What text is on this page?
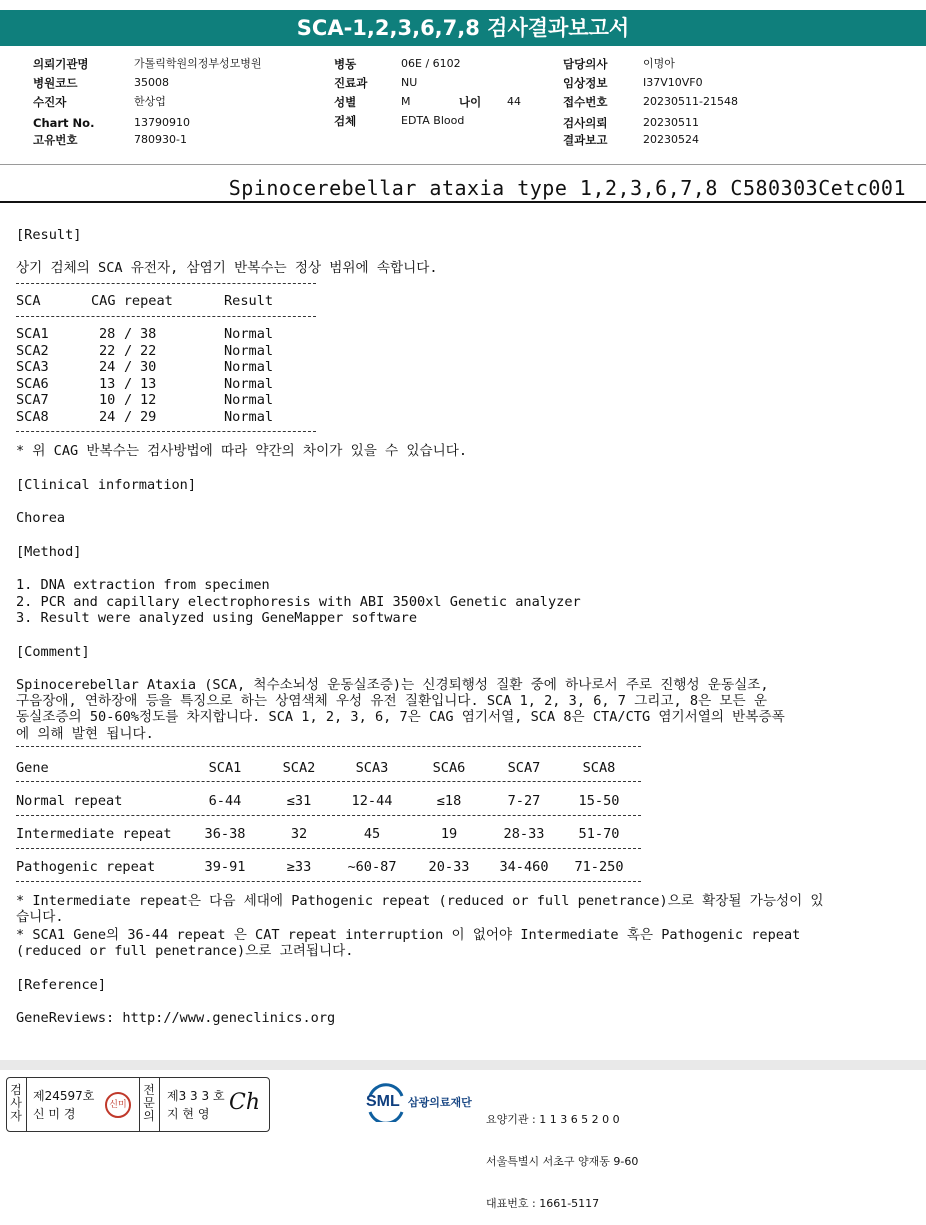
SCA-1,2,3,6,7,8 검사결과보고서
의뢰기관명	가톨릭학원의정부성모병원
병원코드	35008
수진자	한상업
Chart No.	13790910
고유번호	780930-1
병동	06E / 6102
진료과	NU
성별	M	나이 44
검체	EDTA Blood
담당의사	이명아
임상정보	I37V10VF0
접수번호	20230511-21548
검사의뢰	20230511
결과보고	20230524
Spinocerebellar ataxia type 1,2,3,6,7,8 C580303Cetc001
[Result]
상기 검체의 SCA 유전자, 삼염기 반복수는 정상 범위에 속합니다.
SCA	CAG repeat	Result
SCA1	28 / 38	Normal
SCA2	22 / 22	Normal
SCA3	24 / 30	Normal
SCA6	13 / 13	Normal
SCA7	10 / 12	Normal
SCA8	24 / 29	Normal
* 위 CAG 반복수는 검사방법에 따라 약간의 차이가 있을 수 있습니다.
[Clinical information]
Chorea
[Method]
1. DNA extraction from specimen
2. PCR and capillary electrophoresis with ABI 3500xl Genetic analyzer
3. Result were analyzed using GeneMapper software
[Comment]
Spinocerebellar Ataxia (SCA, 척수소뇌성 운동실조증)는 신경퇴행성 질환 중에 하나로서 주로 진행성 운동실조,
구음장애, 연하장애 등을 특징으로 하는 상염색체 우성 유전 질환입니다. SCA 1, 2, 3, 6, 7 그리고, 8은 모든 운
동실조증의 50-60%정도를 차지합니다. SCA 1, 2, 3, 6, 7은 CAG 염기서열, SCA 8은 CTA/CTG 염기서열의 반복증폭
에 의해 발현 됩니다.
Gene	SCA1	SCA2	SCA3	SCA6	SCA7	SCA8
Normal repeat	6-44	≤31	12-44	≤18	7-27	15-50
Intermediate repeat	36-38	32	45	19	28-33	51-70
Pathogenic repeat	39-91	≥33	~60-87	20-33	34-460	71-250
* Intermediate repeat은 다음 세대에 Pathogenic repeat (reduced or full penetrance)으로 확장될 가능성이 있
습니다.
* SCA1 Gene의 36-44 repeat 은 CAT repeat interruption 이 없어야 Intermediate 혹은 Pathogenic repeat
(reduced or full penetrance)으로 고려됩니다.
[Reference]
GeneReviews: http://www.geneclinics.org
검
사
자
제24597호
신 미 경
신미
전
문
의
제3 3 3 호
지 현 영 Ch	SML 삼광의료재단

요양기관 : 1 1 3 6 5 2 0 0

서울특별시 서초구 양재동 9-60

대표번호 : 1661-5117
